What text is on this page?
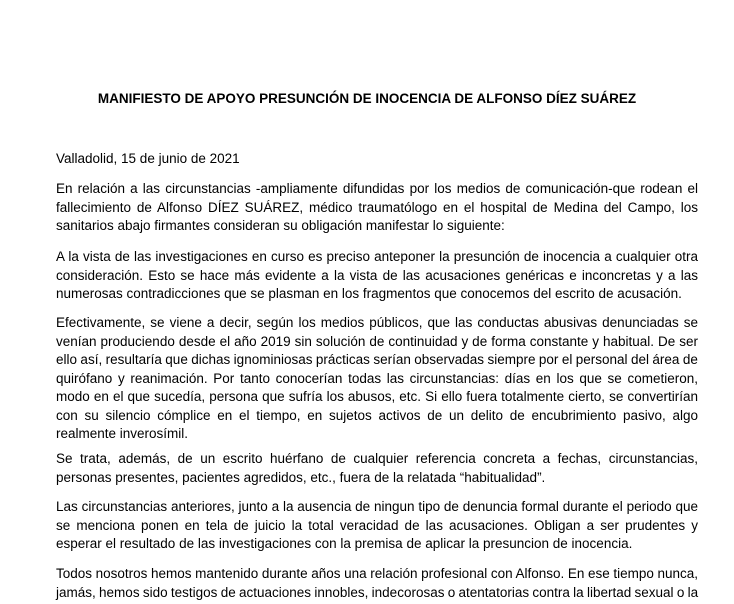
MANIFIESTO DE APOYO PRESUNCIÓN DE INOCENCIA DE ALFONSO DÍEZ SUÁREZ
Valladolid, 15 de junio de 2021
En relación a las circunstancias -ampliamente difundidas por los medios de comunicación-que rodean el
fallecimiento de Alfonso DÍEZ SUÁREZ, médico traumatólogo en el hospital de Medina del Campo, los
sanitarios abajo firmantes consideran su obligación manifestar lo siguiente:
A la vista de las investigaciones en curso es preciso anteponer la presunción de inocencia a cualquier otra
consideración. Esto se hace más evidente a la vista de las acusaciones genéricas e inconcretas y a las
numerosas contradicciones que se plasman en los fragmentos que conocemos del escrito de acusación.
Efectivamente, se viene a decir, según los medios públicos, que las conductas abusivas denunciadas se
venían produciendo desde el año 2019 sin solución de continuidad y de forma constante y habitual. De ser
ello así, resultaría que dichas ignominiosas prácticas serían observadas siempre por el personal del área de
quirófano y reanimación. Por tanto conocerían todas las circunstancias: días en los que se cometieron,
modo en el que sucedía, persona que sufría los abusos, etc. Si ello fuera totalmente cierto, se convertirían
con su silencio cómplice en el tiempo, en sujetos activos de un delito de encubrimiento pasivo, algo
realmente inverosímil.
Se trata, además, de un escrito huérfano de cualquier referencia concreta a fechas, circunstancias,
personas presentes, pacientes agredidos, etc., fuera de la relatada “habitualidad”.
Las circunstancias anteriores, junto a la ausencia de ningun tipo de denuncia formal durante el periodo que
se menciona ponen en tela de juicio la total veracidad de las acusaciones. Obligan a ser prudentes y
esperar el resultado de las investigaciones con la premisa de aplicar la presuncion de inocencia.
Todos nosotros hemos mantenido durante años una relación profesional con Alfonso. En ese tiempo nunca,
jamás, hemos sido testigos de actuaciones innobles, indecorosas o atentatorias contra la libertad sexual o la
